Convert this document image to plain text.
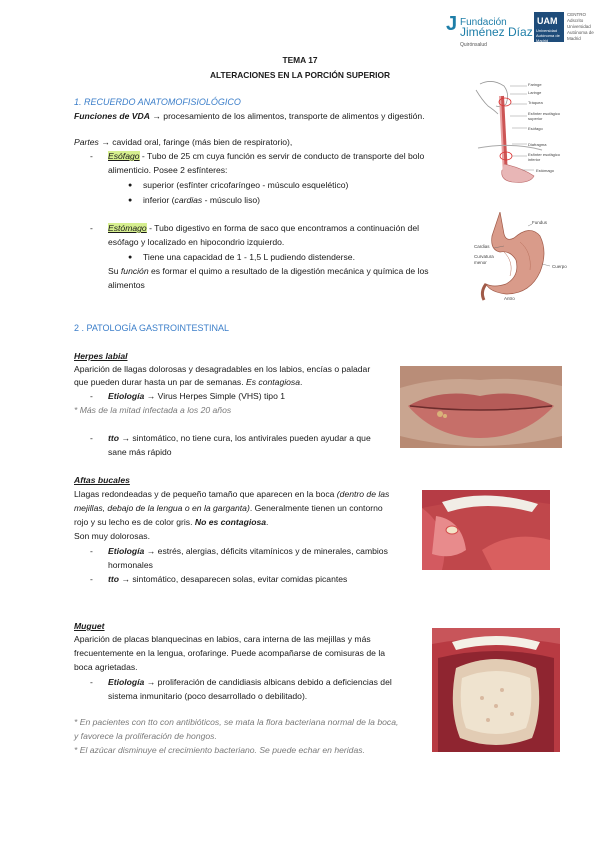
J Fundación
Jiménez Díaz
Quirónsalud
UAM
Universidad Autónoma de Madrid
CENTRO
Adscrito
Universidad
Autónoma de
Madrid
TEMA 17
ALTERACIONES EN LA PORCIÓN SUPERIOR
1. RECUERDO ANATOMOFISIOLÓGICO
Funciones de VDA → procesamiento de los alimentos, transporte de alimentos y digestión.
Partes → cavidad oral, faringe (más bien de respiratorio),
- Esófago - Tubo de 25 cm cuya función es servir de conducto de transporte del bolo
alimenticio. Posee 2 esfínteres:
● superior (esfínter cricofaríngeo - músculo esquelético)
● inferior (cardias - músculo liso)
- Estómago - Tubo digestivo en forma de saco que encontramos a continuación del
esófago y localizado en hipocondrio izquierdo.
● Tiene una capacidad de 1 - 1,5 L pudiendo distenderse.
Su función es formar el quimo a resultado de la digestión mecánica y química de los
alimentos
Faringe
Laringe
Tráquea
Esfínter esofágico superior
Esófago
Diafragma
Esfínter esofágico inferior
Estómago
Fundus
Cardias
Curvatura menor
Antro
Cuerpo
2 . PATOLOGÍA GASTROINTESTINAL
Herpes labial
Aparición de llagas dolorosas y desagradables en los labios, encías o paladar
que pueden durar hasta un par de semanas. Es contagiosa.
- Etiología → Virus Herpes Simple (VHS) tipo 1
* Más de la mitad infectada a los 20 años
- tto → sintomático, no tiene cura, los antivirales pueden ayudar a que
sane más rápido
Aftas bucales
Llagas redondeadas y de pequeño tamaño que aparecen en la boca (dentro de las
mejillas, debajo de la lengua o en la garganta). Generalmente tienen un contorno
rojo y su lecho es de color gris. No es contagiosa.
Son muy dolorosas.
- Etiología → estrés, alergias, déficits vitamínicos y de minerales, cambios
hormonales
- tto → sintomático, desaparecen solas, evitar comidas picantes
Muguet
Aparición de placas blanquecinas en labios, cara interna de las mejillas y más
frecuentemente en la lengua, orofaringe. Puede acompañarse de comisuras de la
boca agrietadas.
- Etiología → proliferación de candidiasis albicans debido a deficiencias del
sistema inmunitario (poco desarrollado o debilitado).
* En pacientes con tto con antibióticos, se mata la flora bacteriana normal de la boca,
y favorece la proliferación de hongos.
* El azúcar disminuye el crecimiento bacteriano. Se puede echar en heridas.
